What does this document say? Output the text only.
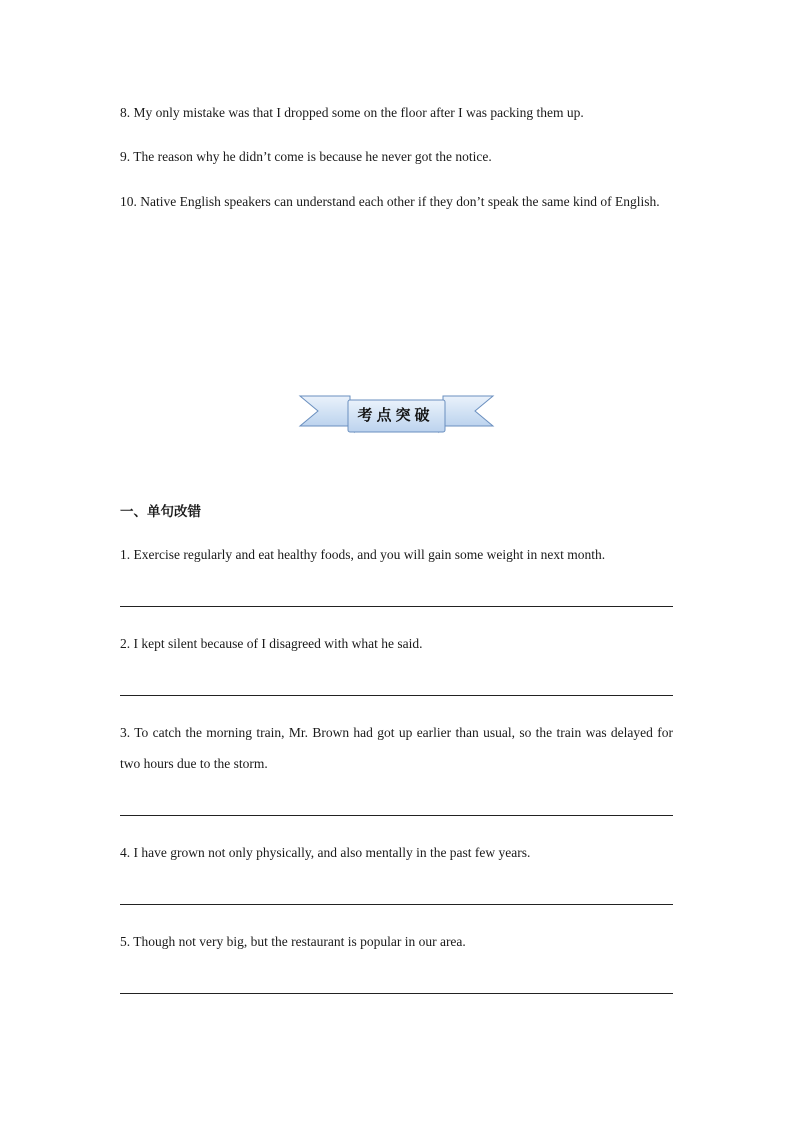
8. My only mistake was that I dropped some on the floor after I was packing them up.

9. The reason why he didn’t come is because he never got the notice.

10. Native English speakers can understand each other if they don’t speak the same kind of English.

考点突破

一、单句改错

1. Exercise regularly and eat healthy foods, and you will gain some weight in next month.

2. I kept silent because of I disagreed with what he said.

3. To catch the morning train, Mr. Brown had got up earlier than usual, so the train was delayed for two hours due to the storm.

4. I have grown not only physically, and also mentally in the past few years.

5. Though not very big, but the restaurant is popular in our area.
